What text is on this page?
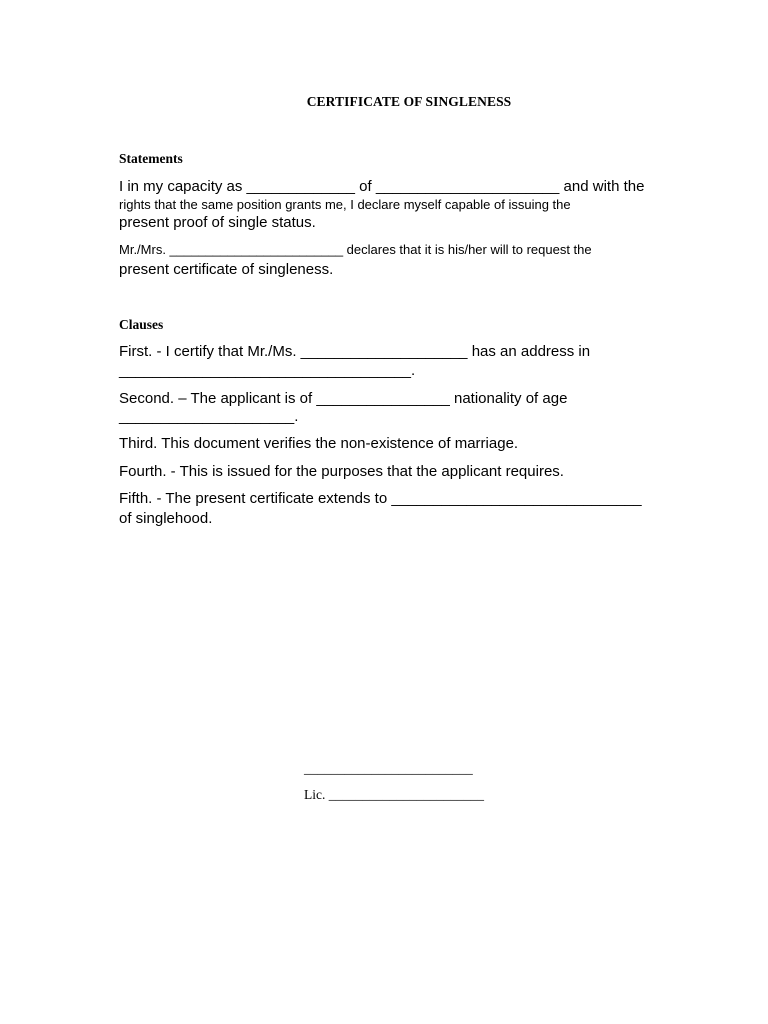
CERTIFICATE OF SINGLENESS
Statements
I in my capacity as _____________ of ______________________ and with the
rights that the same position grants me, I declare myself capable of issuing the
present proof of single status.
Mr./Mrs. ________________________ declares that it is his/her will to request the
present certificate of singleness.
Clauses
First. - I certify that Mr./Ms. ____________________ has an address in
___________________________________.
Second. – The applicant is of ________________ nationality of age
_____________________.
Third. This document verifies the non-existence of marriage.
Fourth. - This is issued for the purposes that the applicant requires.
Fifth. - The present certificate extends to ______________________________
of singlehood.
_________________________
Lic. _______________________
